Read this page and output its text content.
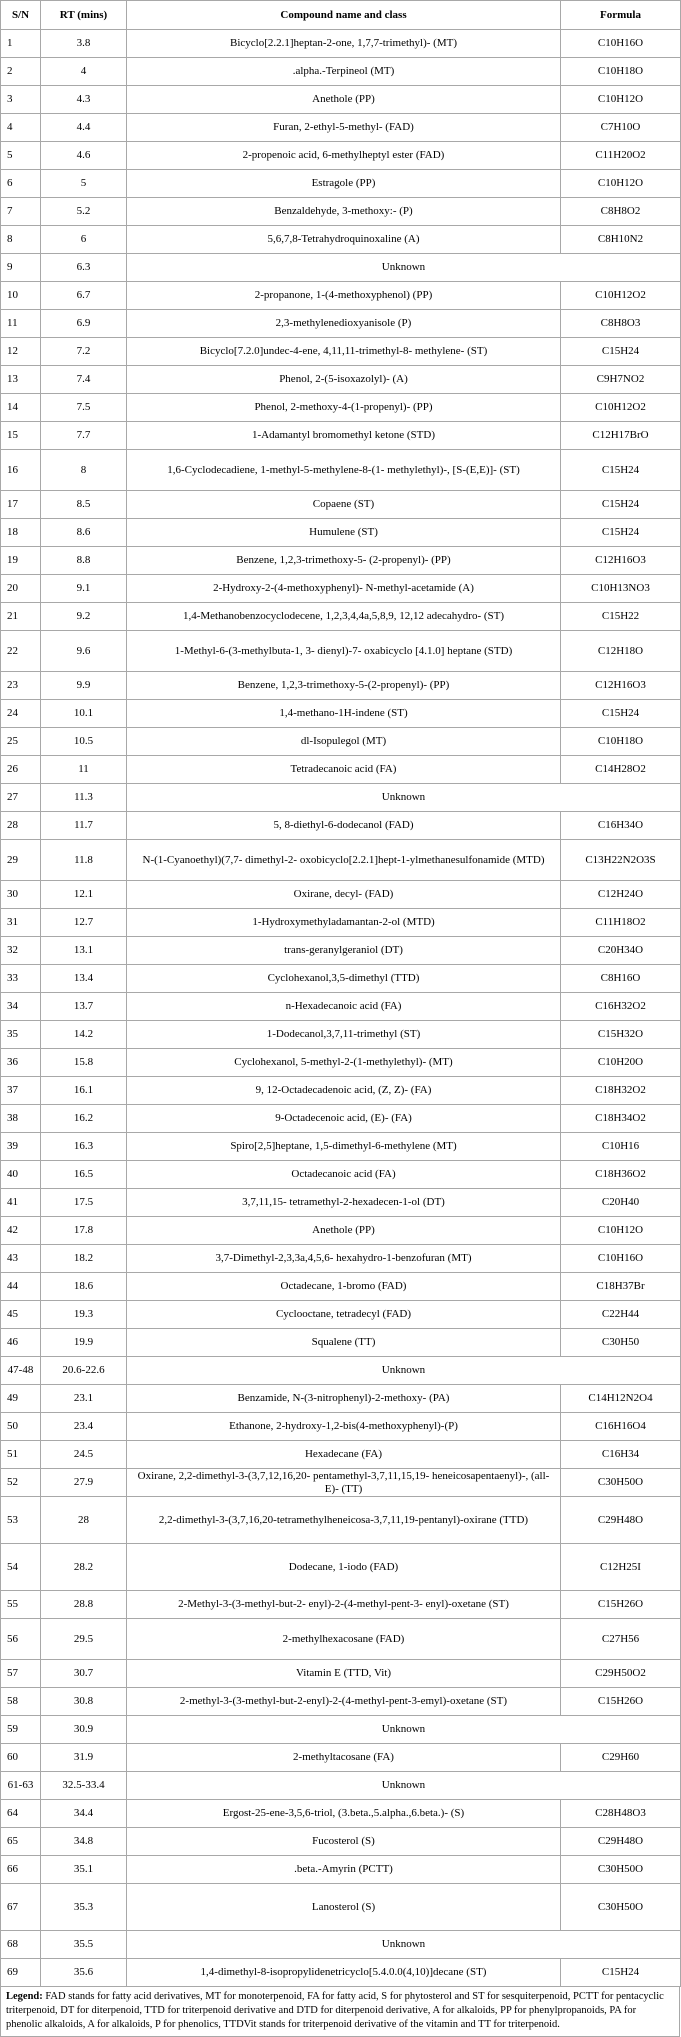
S/N	RT (mins)	Compound name and class	Formula
1	3.8	Bicyclo[2.2.1]heptan-2-one, 1,7,7-trimethyl)- (MT)	C10H16O
2	4	.alpha.-Terpineol (MT)	C10H18O
3	4.3	Anethole (PP)	C10H12O
4	4.4	Furan, 2-ethyl-5-methyl- (FAD)	C7H10O
5	4.6	2-propenoic acid, 6-methylheptyl ester (FAD)	C11H20O2
6	5	Estragole (PP)	C10H12O
7	5.2	Benzaldehyde, 3-methoxy:- (P)	C8H8O2
8	6	5,6,7,8-Tetrahydroquinoxaline (A)	C8H10N2
9	6.3	Unknown	
10	6.7	2-propanone, 1-(4-methoxyphenol) (PP)	C10H12O2
11	6.9	2,3-methylenedioxyanisole (P)	C8H8O3
12	7.2	Bicyclo[7.2.0]undec-4-ene, 4,11,11-trimethyl-8- methylene- (ST)	C15H24
13	7.4	Phenol, 2-(5-isoxazolyl)- (A)	C9H7NO2
14	7.5	Phenol, 2-methoxy-4-(1-propenyl)- (PP)	C10H12O2
15	7.7	1-Adamantyl bromomethyl ketone (STD)	C12H17BrO
16	8	1,6-Cyclodecadiene, 1-methyl-5-methylene-8-(1- methylethyl)-, [S-(E,E)]- (ST)	C15H24
17	8.5	Copaene (ST)	C15H24
18	8.6	Humulene (ST)	C15H24
19	8.8	Benzene, 1,2,3-trimethoxy-5- (2-propenyl)- (PP)	C12H16O3
20	9.1	2-Hydroxy-2-(4-methoxyphenyl)- N-methyl-acetamide (A)	C10H13NO3
21	9.2	1,4-Methanobenzocyclodecene, 1,2,3,4,4a,5,8,9, 12,12 adecahydro- (ST)	C15H22
22	9.6	1-Methyl-6-(3-methylbuta-1, 3- dienyl)-7- oxabicyclo [4.1.0] heptane (STD)	C12H18O
23	9.9	Benzene, 1,2,3-trimethoxy-5-(2-propenyl)- (PP)	C12H16O3
24	10.1	1,4-methano-1H-indene (ST)	C15H24
25	10.5	dl-Isopulegol (MT)	C10H18O
26	11	Tetradecanoic acid (FA)	C14H28O2
27	11.3	Unknown	
28	11.7	5, 8-diethyl-6-dodecanol (FAD)	C16H34O
29	11.8	N-(1-Cyanoethyl)(7,7- dimethyl-2- oxobicyclo[2.2.1]hept-1-ylmethanesulfonamide (MTD)	C13H22N2O3S
30	12.1	Oxirane, decyl- (FAD)	C12H24O
31	12.7	1-Hydroxymethyladamantan-2-ol (MTD)	C11H18O2
32	13.1	trans-geranylgeraniol (DT)	C20H34O
33	13.4	Cyclohexanol,3,5-dimethyl (TTD)	C8H16O
34	13.7	n-Hexadecanoic acid (FA)	C16H32O2
35	14.2	1-Dodecanol,3,7,11-trimethyl (ST)	C15H32O
36	15.8	Cyclohexanol, 5-methyl-2-(1-methylethyl)- (MT)	C10H20O
37	16.1	9, 12-Octadecadenoic acid, (Z, Z)- (FA)	C18H32O2
38	16.2	9-Octadecenoic acid, (E)- (FA)	C18H34O2
39	16.3	Spiro[2,5]heptane, 1,5-dimethyl-6-methylene (MT)	C10H16
40	16.5	Octadecanoic acid (FA)	C18H36O2
41	17.5	3,7,11,15- tetramethyl-2-hexadecen-1-ol (DT)	C20H40
42	17.8	Anethole (PP)	C10H12O
43	18.2	3,7-Dimethyl-2,3,3a,4,5,6- hexahydro-1-benzofuran (MT)	C10H16O
44	18.6	Octadecane, 1-bromo (FAD)	C18H37Br
45	19.3	Cyclooctane, tetradecyl (FAD)	C22H44
46	19.9	Squalene (TT)	C30H50
47-48	20.6-22.6	Unknown	
49	23.1	Benzamide, N-(3-nitrophenyl)-2-methoxy- (PA)	C14H12N2O4
50	23.4	Ethanone, 2-hydroxy-1,2-bis(4-methoxyphenyl)-(P)	C16H16O4
51	24.5	Hexadecane (FA)	C16H34
52	27.9	Oxirane, 2,2-dimethyl-3-(3,7,12,16,20- pentamethyl-3,7,11,15,19- heneicosapentaenyl)-, (all-E)- (TT)	C30H50O
53	28	2,2-dimethyl-3-(3,7,16,20-tetramethylheneicosa-3,7,11,19-pentanyl)-oxirane (TTD)	C29H48O
54	28.2	Dodecane, 1-iodo (FAD)	C12H25I
55	28.8	2-Methyl-3-(3-methyl-but-2- enyl)-2-(4-methyl-pent-3- enyl)-oxetane (ST)	C15H26O
56	29.5	2-methylhexacosane (FAD)	C27H56
57	30.7	Vitamin E (TTD, Vit)	C29H50O2
58	30.8	2-methyl-3-(3-methyl-but-2-enyl)-2-(4-methyl-pent-3-emyl)-oxetane (ST)	C15H26O
59	30.9	Unknown	
60	31.9	2-methyltacosane (FA)	C29H60
61-63	32.5-33.4	Unknown	
64	34.4	Ergost-25-ene-3,5,6-triol, (3.beta.,5.alpha.,6.beta.)- (S)	C28H48O3
65	34.8	Fucosterol (S)	C29H48O
66	35.1	.beta.-Amyrin (PCTT)	C30H50O
67	35.3	Lanosterol (S)	C30H50O
68	35.5	Unknown	
69	35.6	1,4-dimethyl-8-isopropylidenetricyclo[5.4.0.0(4,10)]decane (ST)	C15H24
Legend: FAD stands for fatty acid derivatives, MT for monoterpenoid, FA for fatty acid, S for phytosterol and ST for sesquiterpenoid, PCTT for pentacyclic triterpenoid, DT for diterpenoid, TTD for triterpenoid derivative and DTD for diterpenoid derivative, A for alkaloids, PP for phenylpropanoids, PA for phenolic alkaloids, A for alkaloids, P for phenolics, TTDVit stands for triterpenoid derivative of the vitamin and TT for triterpenoid.
